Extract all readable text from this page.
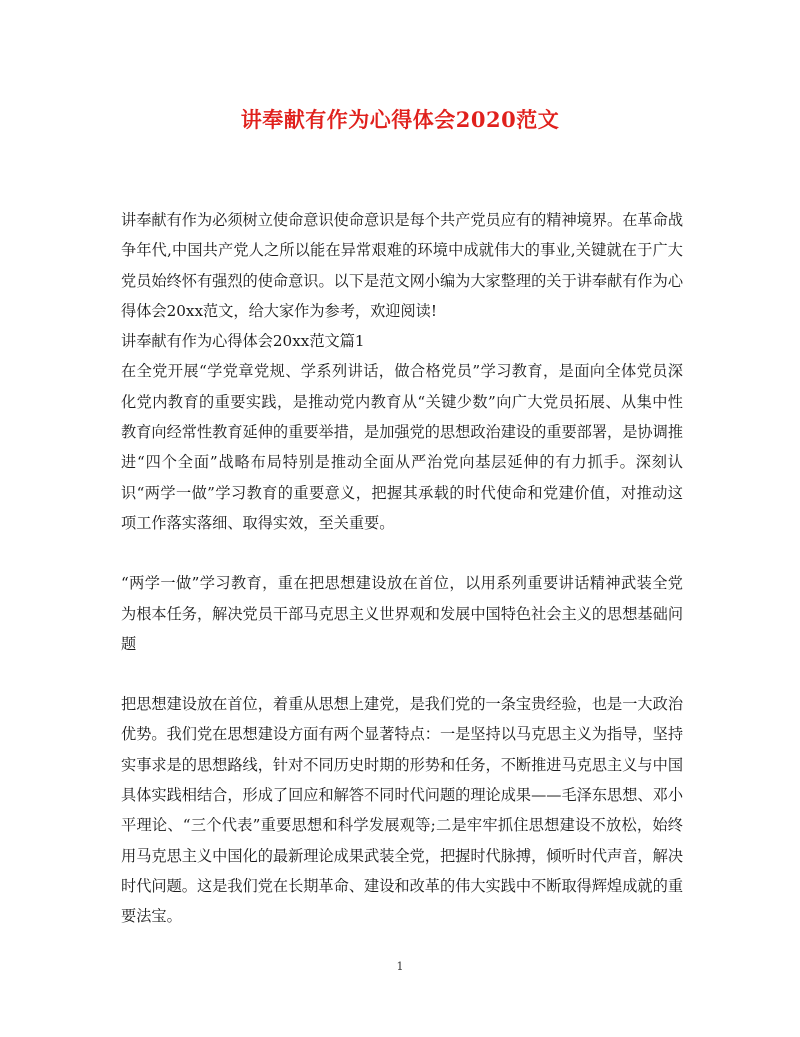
讲奉献有作为心得体会2020范文

讲奉献有作为必须树立使命意识使命意识是每个共产党员应有的精神境界。在革命战争年代,中国共产党人之所以能在异常艰难的环境中成就伟大的事业,关键就在于广大党员始终怀有强烈的使命意识。以下是范文网小编为大家整理的关于讲奉献有作为心得体会20xx范文，给大家作为参考，欢迎阅读!

讲奉献有作为心得体会20xx范文篇1

在全党开展“学党章党规、学系列讲话，做合格党员”学习教育，是面向全体党员深化党内教育的重要实践，是推动党内教育从“关键少数”向广大党员拓展、从集中性教育向经常性教育延伸的重要举措，是加强党的思想政治建设的重要部署，是协调推进“四个全面”战略布局特别是推动全面从严治党向基层延伸的有力抓手。深刻认识“两学一做”学习教育的重要意义，把握其承载的时代使命和党建价值，对推动这项工作落实落细、取得实效，至关重要。

“两学一做”学习教育，重在把思想建设放在首位，以用系列重要讲话精神武装全党为根本任务，解决党员干部马克思主义世界观和发展中国特色社会主义的思想基础问题

把思想建设放在首位，着重从思想上建党，是我们党的一条宝贵经验，也是一大政治优势。我们党在思想建设方面有两个显著特点：一是坚持以马克思主义为指导，坚持实事求是的思想路线，针对不同历史时期的形势和任务，不断推进马克思主义与中国具体实践相结合，形成了回应和解答不同时代问题的理论成果——毛泽东思想、邓小平理论、“三个代表”重要思想和科学发展观等;二是牢牢抓住思想建设不放松，始终用马克思主义中国化的最新理论成果武装全党，把握时代脉搏，倾听时代声音，解决时代问题。这是我们党在长期革命、建设和改革的伟大实践中不断取得辉煌成就的重要法宝。

1
